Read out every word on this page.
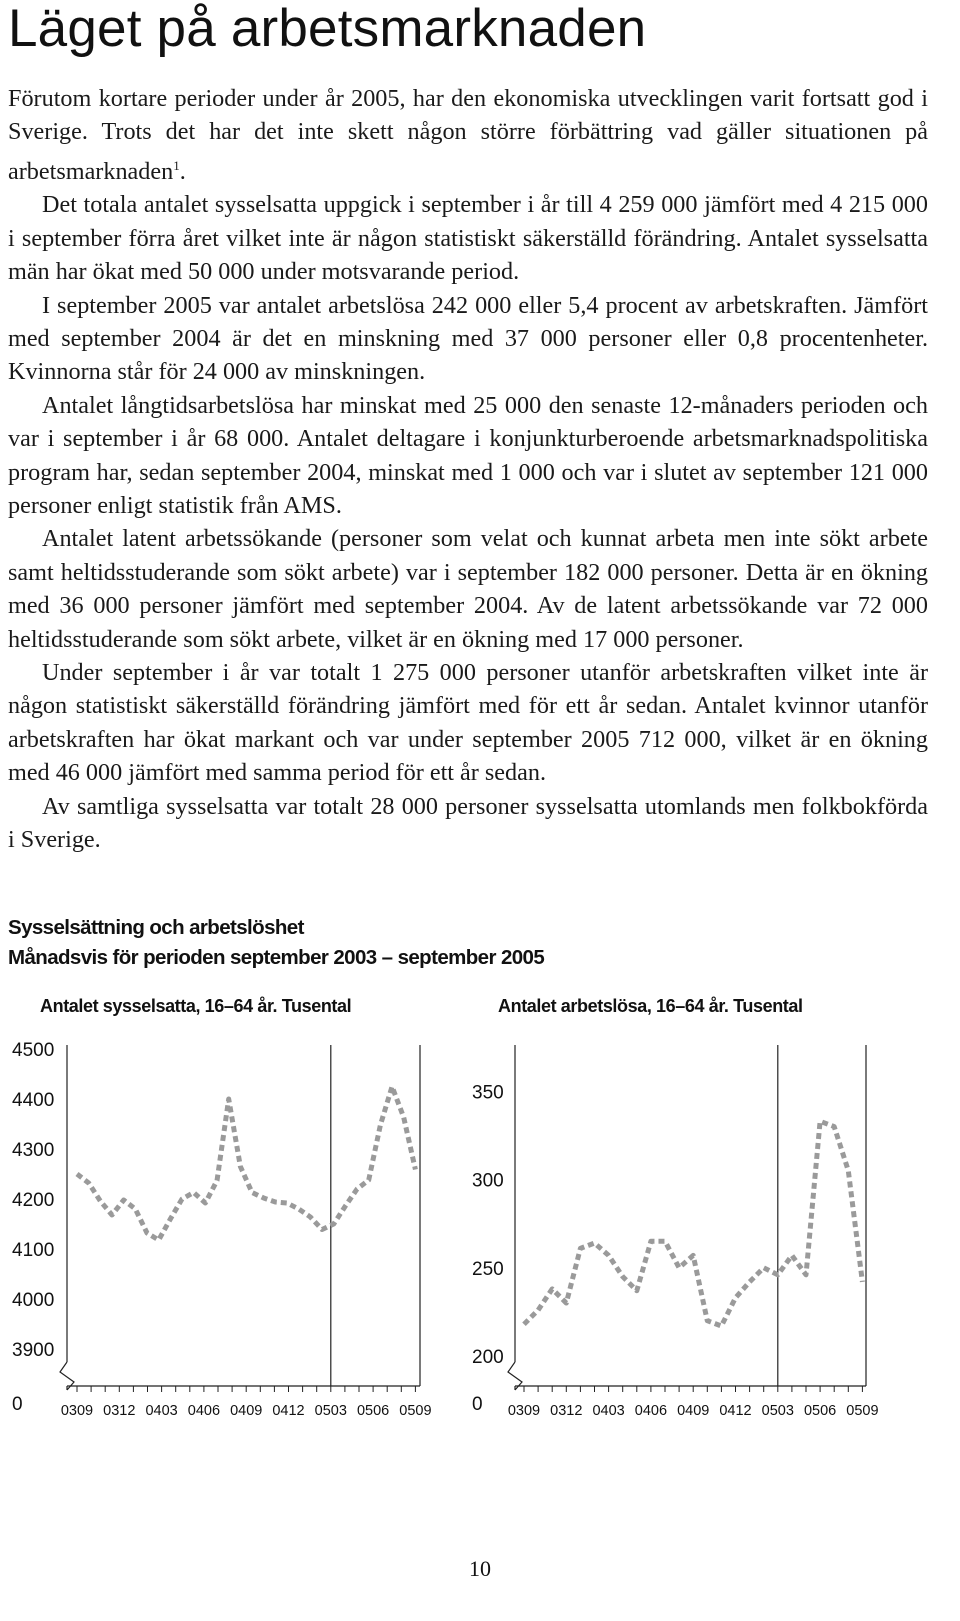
Läget på arbetsmarknaden

Förutom kortare perioder under år 2005, har den ekonomiska utvecklingen varit fortsatt god i Sverige. Trots det har det inte skett någon större förbättring vad gäller situationen på arbetsmarknaden$^1$.

Det totala antalet sysselsatta uppgick i september i år till 4 259 000 jämfört med 4 215 000 i september förra året vilket inte är någon statistiskt säkerställd förändring. Antalet sysselsatta män har ökat med 50 000 under motsvarande period.

I september 2005 var antalet arbetslösa 242 000 eller 5,4 procent av arbetskraften. Jämfört med september 2004 är det en minskning med 37 000 personer eller 0,8 procentenheter. Kvinnorna står för 24 000 av minskningen.

Antalet långtidsarbetslösa har minskat med 25 000 den senaste 12-månaders perioden och var i september i år 68 000. Antalet deltagare i konjunkturberoende arbetsmarknadspolitiska program har, sedan september 2004, minskat med 1 000 och var i slutet av september 121 000 personer enligt statistik från AMS.

Antalet latent arbetssökande (personer som velat och kunnat arbeta men inte sökt arbete samt heltidsstuderande som sökt arbete) var i september 182 000 personer. Detta är en ökning med 36 000 personer jämfört med september 2004. Av de latent arbetssökande var 72 000 heltidsstuderande som sökt arbete, vilket är en ökning med 17 000 personer.

Under september i år var totalt 1 275 000 personer utanför arbetskraften vilket inte är någon statistiskt säkerställd förändring jämfört med för ett år sedan. Antalet kvinnor utanför arbetskraften har ökat markant och var under september 2005 712 000, vilket är en ökning med 46 000 jämfört med samma period för ett år sedan.

Av samtliga sysselsatta var totalt 28 000 personer sysselsatta utomlands men folkbokförda i Sverige.

Sysselsättning och arbetslöshet
Månadsvis för perioden september 2003 – september 2005
Antalet sysselsatta, 16–64 år. Tusental	Antalet arbetslösa, 16–64 år. Tusental
0
3900
4000
4100
4200
4300
4400
4500
0309 0312 0403 0406 0409 0412 0503 0506 0509 0
200
250
300
350
0309 0312 0403 0406 0409 0412 0503 0506 0509
10
